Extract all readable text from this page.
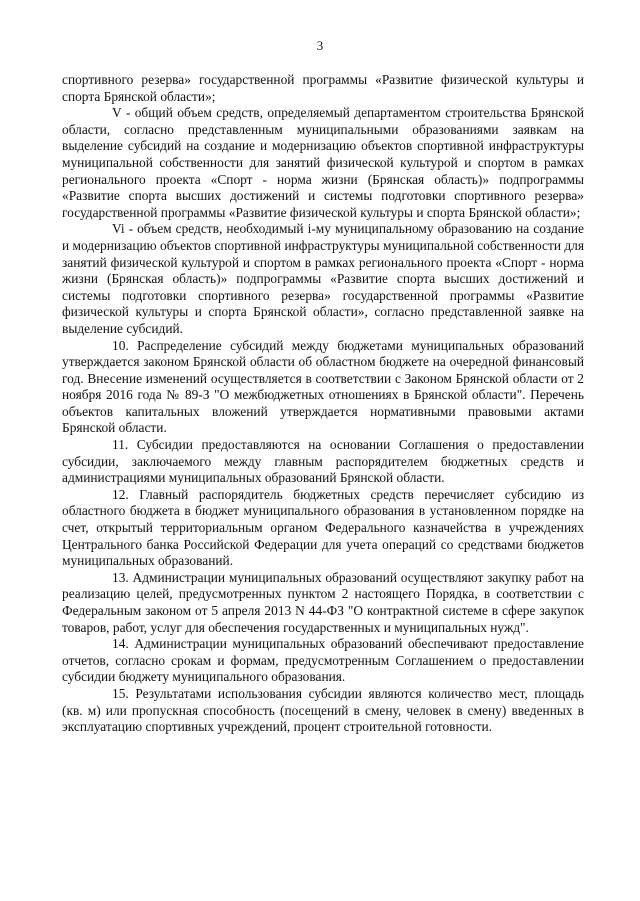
3

спортивного резерва» государственной программы «Развитие физической культуры и спорта Брянской области»;

V - общий объем средств, определяемый департаментом строительства Брянской области, согласно представленным муниципальными образованиями заявкам на выделение субсидий на создание и модернизацию объектов спортивной инфраструктуры муниципальной собственности для занятий физической культурой и спортом в рамках регионального проекта «Спорт - норма жизни (Брянская область)» подпрограммы «Развитие спорта высших достижений и системы подготовки спортивного резерва» государственной программы «Развитие физической культуры и спорта Брянской области»;

Vi - объем средств, необходимый i-му муниципальному образованию на создание и модернизацию объектов спортивной инфраструктуры муниципальной собственности для занятий физической культурой и спортом в рамках регионального проекта «Спорт - норма жизни (Брянская область)» подпрограммы «Развитие спорта высших достижений и системы подготовки спортивного резерва» государственной программы «Развитие физической культуры и спорта Брянской области», согласно представленной заявке на выделение субсидий.

10. Распределение субсидий между бюджетами муниципальных образований утверждается законом Брянской области об областном бюджете на очередной финансовый год. Внесение изменений осуществляется в соответствии с Законом Брянской области от 2 ноября 2016 года № 89-З "О межбюджетных отношениях в Брянской области". Перечень объектов капитальных вложений утверждается нормативными правовыми актами Брянской области.

11. Субсидии предоставляются на основании Соглашения о предоставлении субсидии, заключаемого между главным распорядителем бюджетных средств и администрациями муниципальных образований Брянской области.

12. Главный распорядитель бюджетных средств перечисляет субсидию из областного бюджета в бюджет муниципального образования в установленном порядке на счет, открытый территориальным органом Федерального казначейства в учреждениях Центрального банка Российской Федерации для учета операций со средствами бюджетов муниципальных образований.

13. Администрации муниципальных образований осуществляют закупку работ на реализацию целей, предусмотренных пунктом 2 настоящего Порядка, в соответствии с Федеральным законом от 5 апреля 2013 N 44-ФЗ "О контрактной системе в сфере закупок товаров, работ, услуг для обеспечения государственных и муниципальных нужд".

14. Администрации муниципальных образований обеспечивают предоставление отчетов, согласно срокам и формам, предусмотренным Соглашением о предоставлении субсидии бюджету муниципального образования.

15. Результатами использования субсидии являются количество мест, площадь (кв. м) или пропускная способность (посещений в смену, человек в смену) введенных в эксплуатацию спортивных учреждений, процент строительной готовности.
